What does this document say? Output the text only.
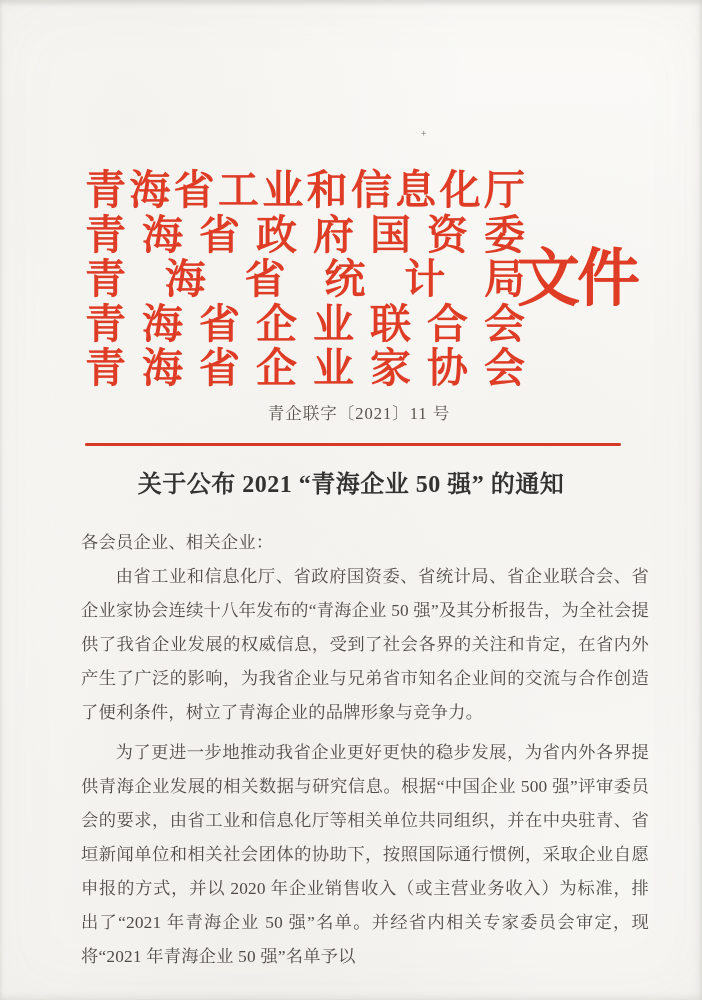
青 海 省 工 业 和 信 息 化 厅
青 海 省 政 府 国 资 委
青 海 省 统 计 局
青 海 省 企 业 联 合 会
青 海 省 企 业 家 协 会
文件
青企联字〔2021〕11 号
关于公布 2021 “青海企业 50 强” 的通知

各会员企业、相关企业：

由省工业和信息化厅、省政府国资委、省统计局、省企业联合会、省企业家协会连续十八年发布的“青海企业 50 强”及其分析报告，为全社会提供了我省企业发展的权威信息，受到了社会各界的关注和肯定，在省内外产生了广泛的影响，为我省企业与兄弟省市知名企业间的交流与合作创造了便利条件，树立了青海企业的品牌形象与竞争力。

为了更进一步地推动我省企业更好更快的稳步发展，为省内外各界提供青海企业发展的相关数据与研究信息。根据“中国企业 500 强”评审委员会的要求，由省工业和信息化厅等相关单位共同组织，并在中央驻青、省垣新闻单位和相关社会团体的协助下，按照国际通行惯例，采取企业自愿申报的方式，并以 2020 年企业销售收入（或主营业务收入）为标准，排出了“2021 年青海企业 50 强”名单。并经省内相关专家委员会审定，现将“2021 年青海企业 50 强”名单予以

+
